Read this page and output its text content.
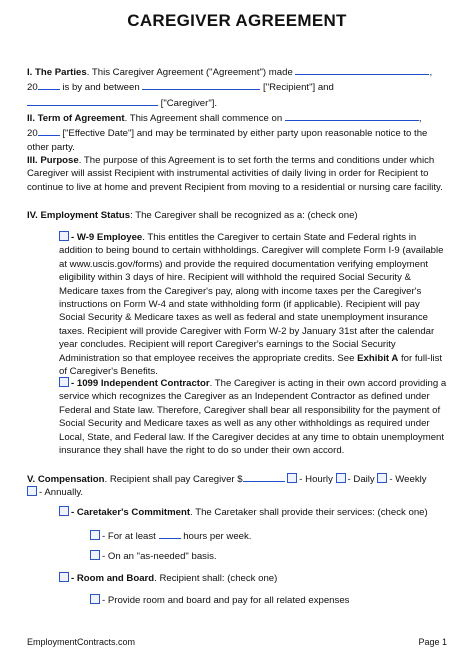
CAREGIVER AGREEMENT
I. The Parties. This Caregiver Agreement ("Agreement") made	,
20	is by and between	["Recipient"] and
["Caregiver"].
II. Term of Agreement. This Agreement shall commence on	,
20	["Effective Date"] and may be terminated by either party upon reasonable notice to the other party.
III. Purpose. The purpose of this Agreement is to set forth the terms and conditions under which Caregiver will assist Recipient with instrumental activities of daily living in order for Recipient to continue to live at home and prevent Recipient from moving to a residential or nursing care facility.
IV. Employment Status: The Caregiver shall be recognized as a: (check one)
- W-9 Employee. This entitles the Caregiver to certain State and Federal rights in addition to being bound to certain withholdings. Caregiver will complete Form I-9 (available at www.uscis.gov/forms) and provide the required documentation verifying employment eligibility within 3 days of hire. Recipient will withhold the required Social Security & Medicare taxes from the Caregiver's pay, along with income taxes per the Caregiver's instructions on Form W-4 and state withholding form (if applicable). Recipient will pay Social Security & Medicare taxes as well as federal and state unemployment insurance taxes. Recipient will provide Caregiver with Form W-2 by January 31st after the calendar year concludes. Recipient will report Caregiver's earnings to the Social Security Administration so that employee receives the appropriate credits. See Exhibit A for full-list of Caregiver's Benefits.
- 1099 Independent Contractor. The Caregiver is acting in their own accord providing a service which recognizes the Caregiver as an Independent Contractor as defined under Federal and State law. Therefore, Caregiver shall bear all responsibility for the payment of Social Security and Medicare taxes as well as any other withholdings as required under Local, State, and Federal law. If the Caregiver decides at any time to obtain unemployment insurance they shall have the right to do so under their own accord.
V. Compensation. Recipient shall pay Caregiver $	- Hourly - Daily - Weekly
- Annually.
- Caretaker's Commitment. The Caretaker shall provide their services: (check one)
- For at least	hours per week.
- On an "as-needed" basis.
- Room and Board. Recipient shall: (check one)
- Provide room and board and pay for all related expenses
EmploymentContracts.com	Page 1
